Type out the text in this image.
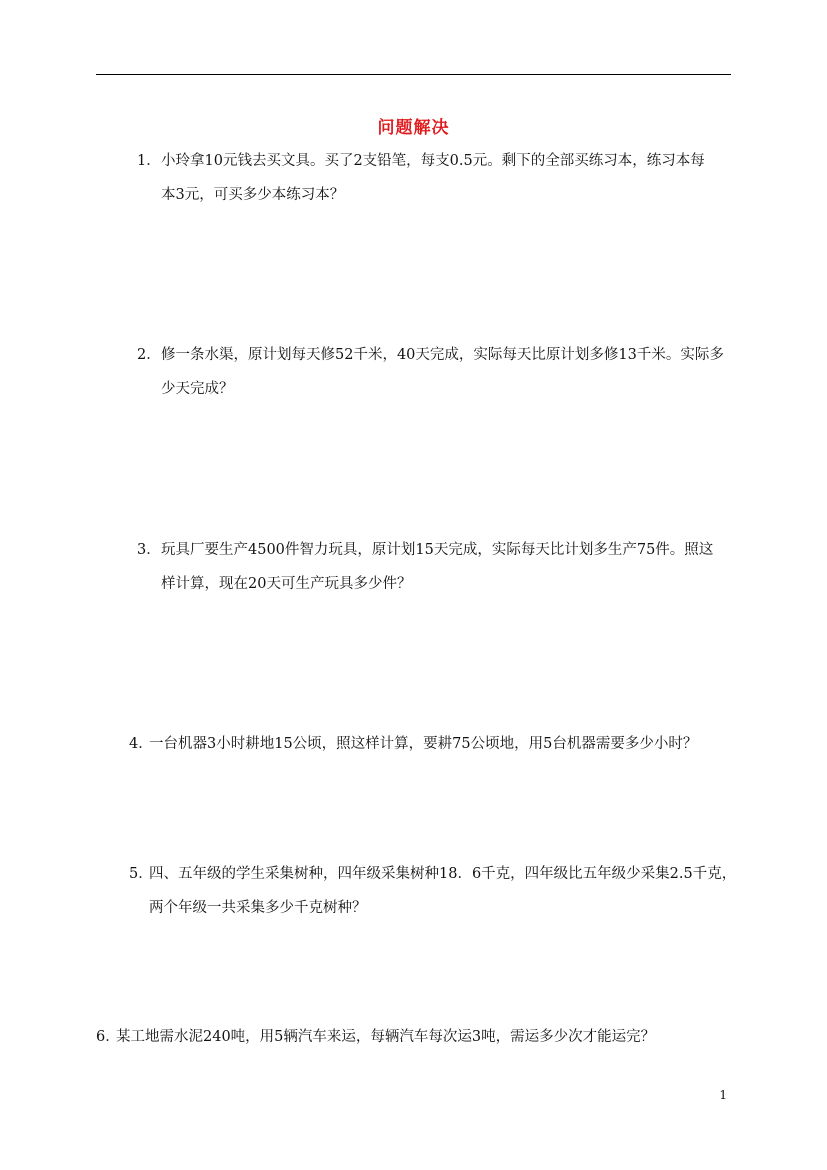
问题解决
1．小玲拿10元钱去买文具。买了2支铅笔，每支0.5元。剩下的全部买练习本，练习本每
本3元，可买多少本练习本？
2．修一条水渠，原计划每天修52千米，40天完成，实际每天比原计划多修13千米。实际多
少天完成？
3．玩具厂要生产4500件智力玩具，原计划15天完成，实际每天比计划多生产75件。照这
样计算，现在20天可生产玩具多少件？
4．一台机器3小时耕地15公顷，照这样计算，要耕75公顷地，用5台机器需要多少小时？
5．四、五年级的学生采集树种，四年级采集树种18．6千克，四年级比五年级少采集2.5千克，
两个年级一共采集多少千克树种？
6．某工地需水泥240吨，用5辆汽车来运，每辆汽车每次运3吨，需运多少次才能运完？
1
